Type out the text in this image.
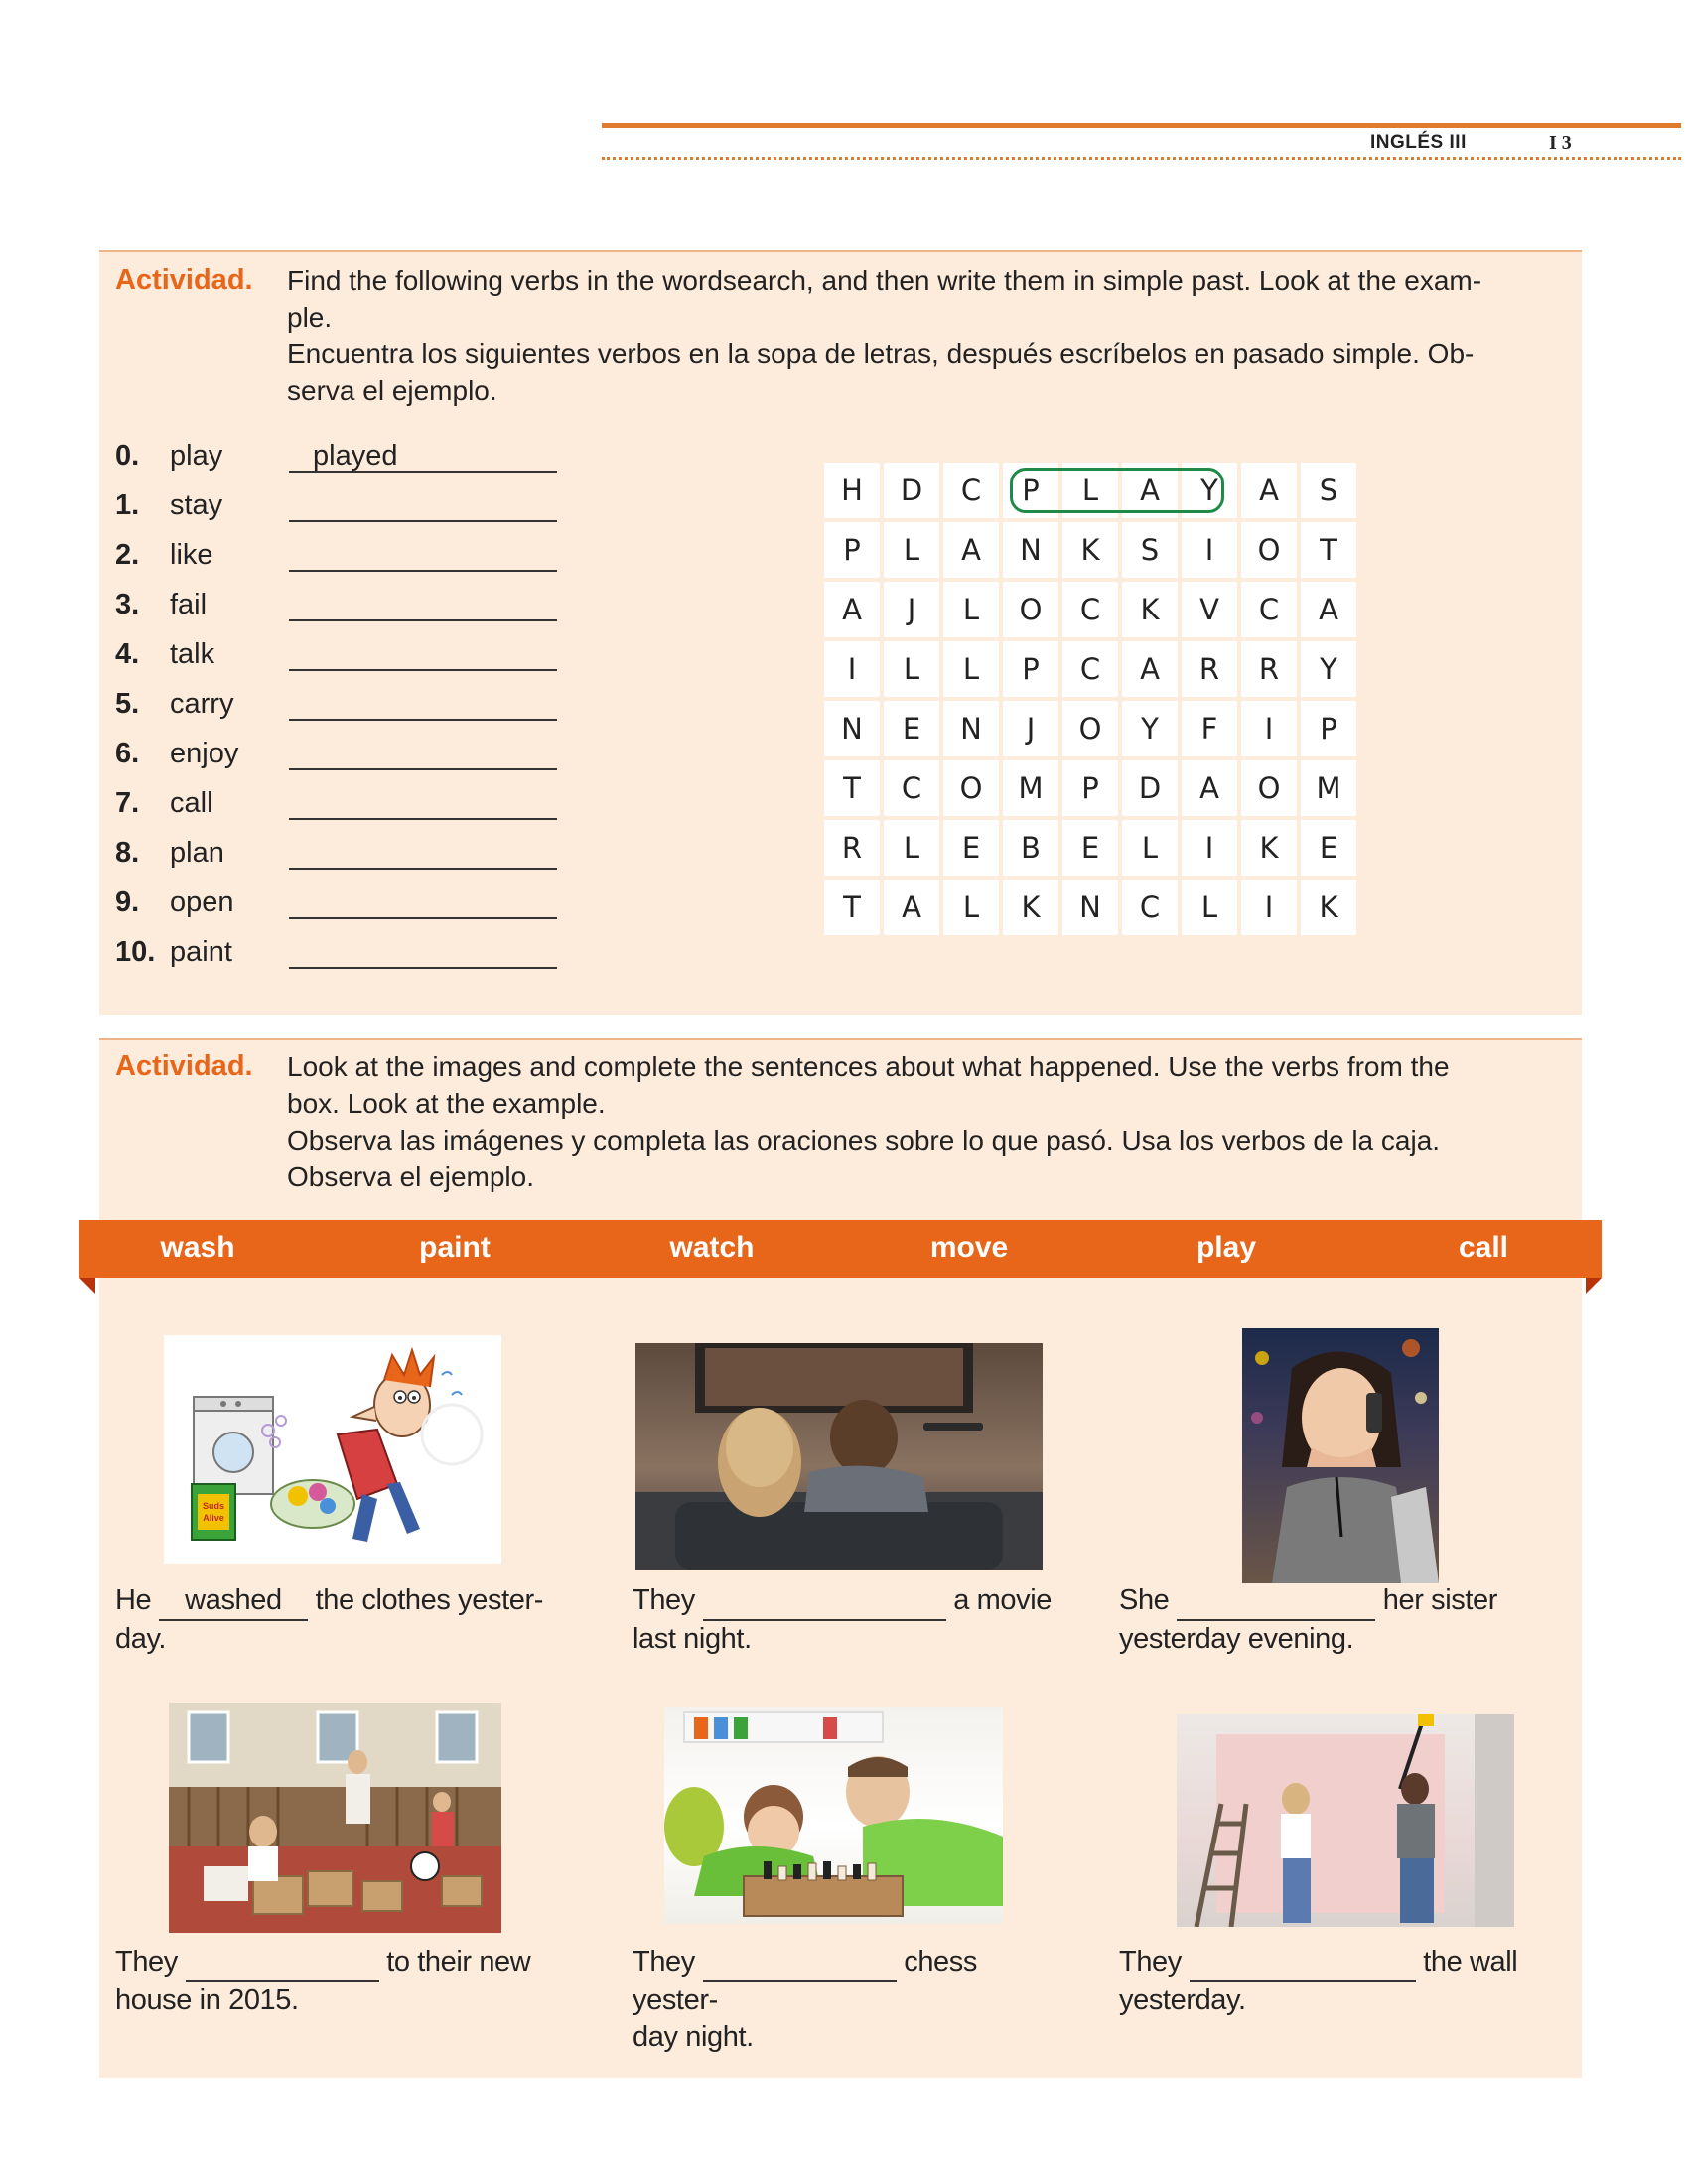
INGLÉS III	I 3
Actividad. Find the following verbs in the wordsearch, and then write them in simple past. Look at the exam-
ple.
Encuentra los siguientes verbos en la sopa de letras, después escríbelos en pasado simple. Ob-
serva el ejemplo.
0. play	played
1. stay
2. like
3. fail
4. talk
5. carry
6. enjoy
7. call
8. plan
9. open
10. paint
H	D	C	P	L	A	Y	A	S
P	L	A	N	K	S	I	O	T
A	J	L	O	C	K	V	C	A
I	L	L	P	C	A	R	R	Y
N	E	N	J	O	Y	F	I	P
T	C	O	M	P	D	A	O	M
R	L	E	B	E	L	I	K	E
T	A	L	K	N	C	L	I	K
Actividad. Look at the images and complete the sentences about what happened. Use the verbs from the
box. Look at the example.
Observa las imágenes y completa las oraciones sobre lo que pasó. Usa los verbos de la caja.
Observa el ejemplo.
wash	paint	watch	move	play	call
Suds
Alive
He washed the clothes yester-
day.
They	a movie
last night.
She	her sister
yesterday evening.
They	to their new
house in 2015.
They	chess yester-
day night.
They	the wall
yesterday.
